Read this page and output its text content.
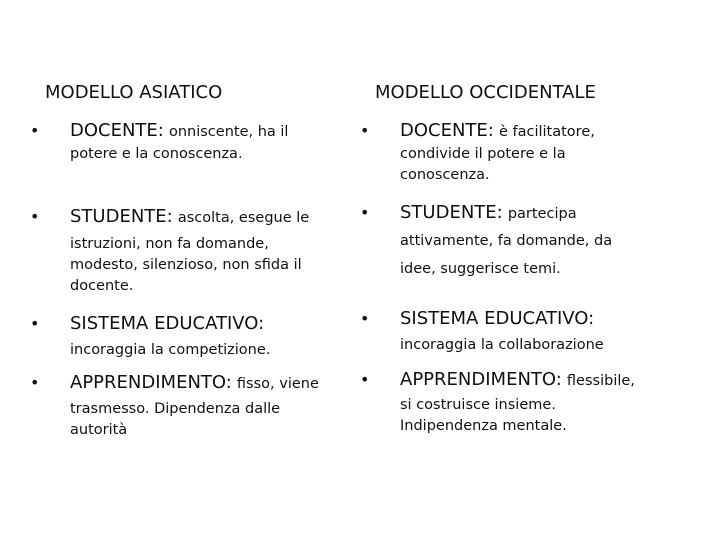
MODELLO ASIATICO	MODELLO OCCIDENTALE
• DOCENTE: onniscente, ha il
potere e la conoscenza.
• STUDENTE: ascolta, esegue le
istruzioni, non fa domande,
modesto, silenzioso, non sfida il
docente.
• SISTEMA EDUCATIVO:
incoraggia la competizione.
• APPRENDIMENTO: fisso, viene
trasmesso. Dipendenza dalle
autorità
• DOCENTE: è facilitatore,
condivide il potere e la
conoscenza.
• STUDENTE: partecipa
attivamente, fa domande, da
idee, suggerisce temi.
• SISTEMA EDUCATIVO:
incoraggia la collaborazione
• APPRENDIMENTO: flessibile,
si costruisce insieme.
Indipendenza mentale.
